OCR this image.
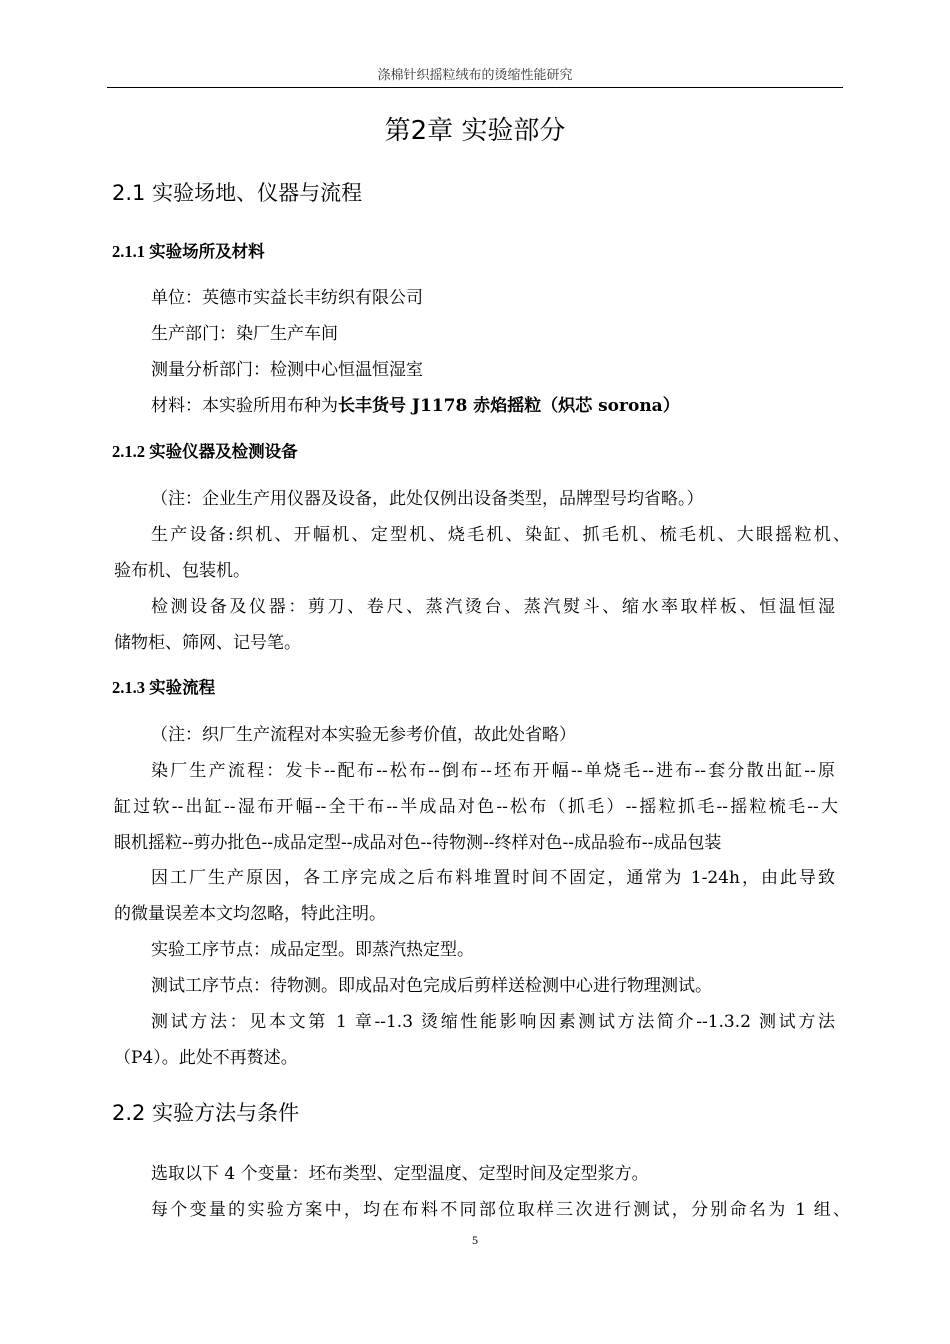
涤棉针织摇粒绒布的烫缩性能研究
第2章 实验部分
2.1 实验场地、仪器与流程
2.1.1 实验场所及材料
单位：英德市实益长丰纺织有限公司
生产部门：染厂生产车间
测量分析部门：检测中心恒温恒湿室
材料：本实验所用布种为长丰货号 J1178 赤焰摇粒（炽芯 sorona）
2.1.2 实验仪器及检测设备
（注：企业生产用仪器及设备，此处仅例出设备类型，品牌型号均省略。）
生产设备:织机、开幅机、定型机、烧毛机、染缸、抓毛机、梳毛机、大眼摇粒机、
验布机、包装机。
检测设备及仪器：剪刀、卷尺、蒸汽烫台、蒸汽熨斗、缩水率取样板、恒温恒湿
储物柜、筛网、记号笔。
2.1.3 实验流程
（注：织厂生产流程对本实验无参考价值，故此处省略）
染厂生产流程：发卡--配布--松布--倒布--坯布开幅--单烧毛--进布--套分散出缸--原
缸过软--出缸--湿布开幅--全干布--半成品对色--松布（抓毛）--摇粒抓毛--摇粒梳毛--大
眼机摇粒--剪办批色--成品定型--成品对色--待物测--终样对色--成品验布--成品包装
因工厂生产原因，各工序完成之后布料堆置时间不固定，通常为 1-24h，由此导致
的微量误差本文均忽略，特此注明。
实验工序节点：成品定型。即蒸汽热定型。
测试工序节点：待物测。即成品对色完成后剪样送检测中心进行物理测试。
测试方法：见本文第 1 章--1.3 烫缩性能影响因素测试方法简介--1.3.2 测试方法
（P4）。此处不再赘述。
2.2 实验方法与条件
选取以下 4 个变量：坯布类型、定型温度、定型时间及定型浆方。
每个变量的实验方案中，均在布料不同部位取样三次进行测试，分别命名为 1 组、
5
